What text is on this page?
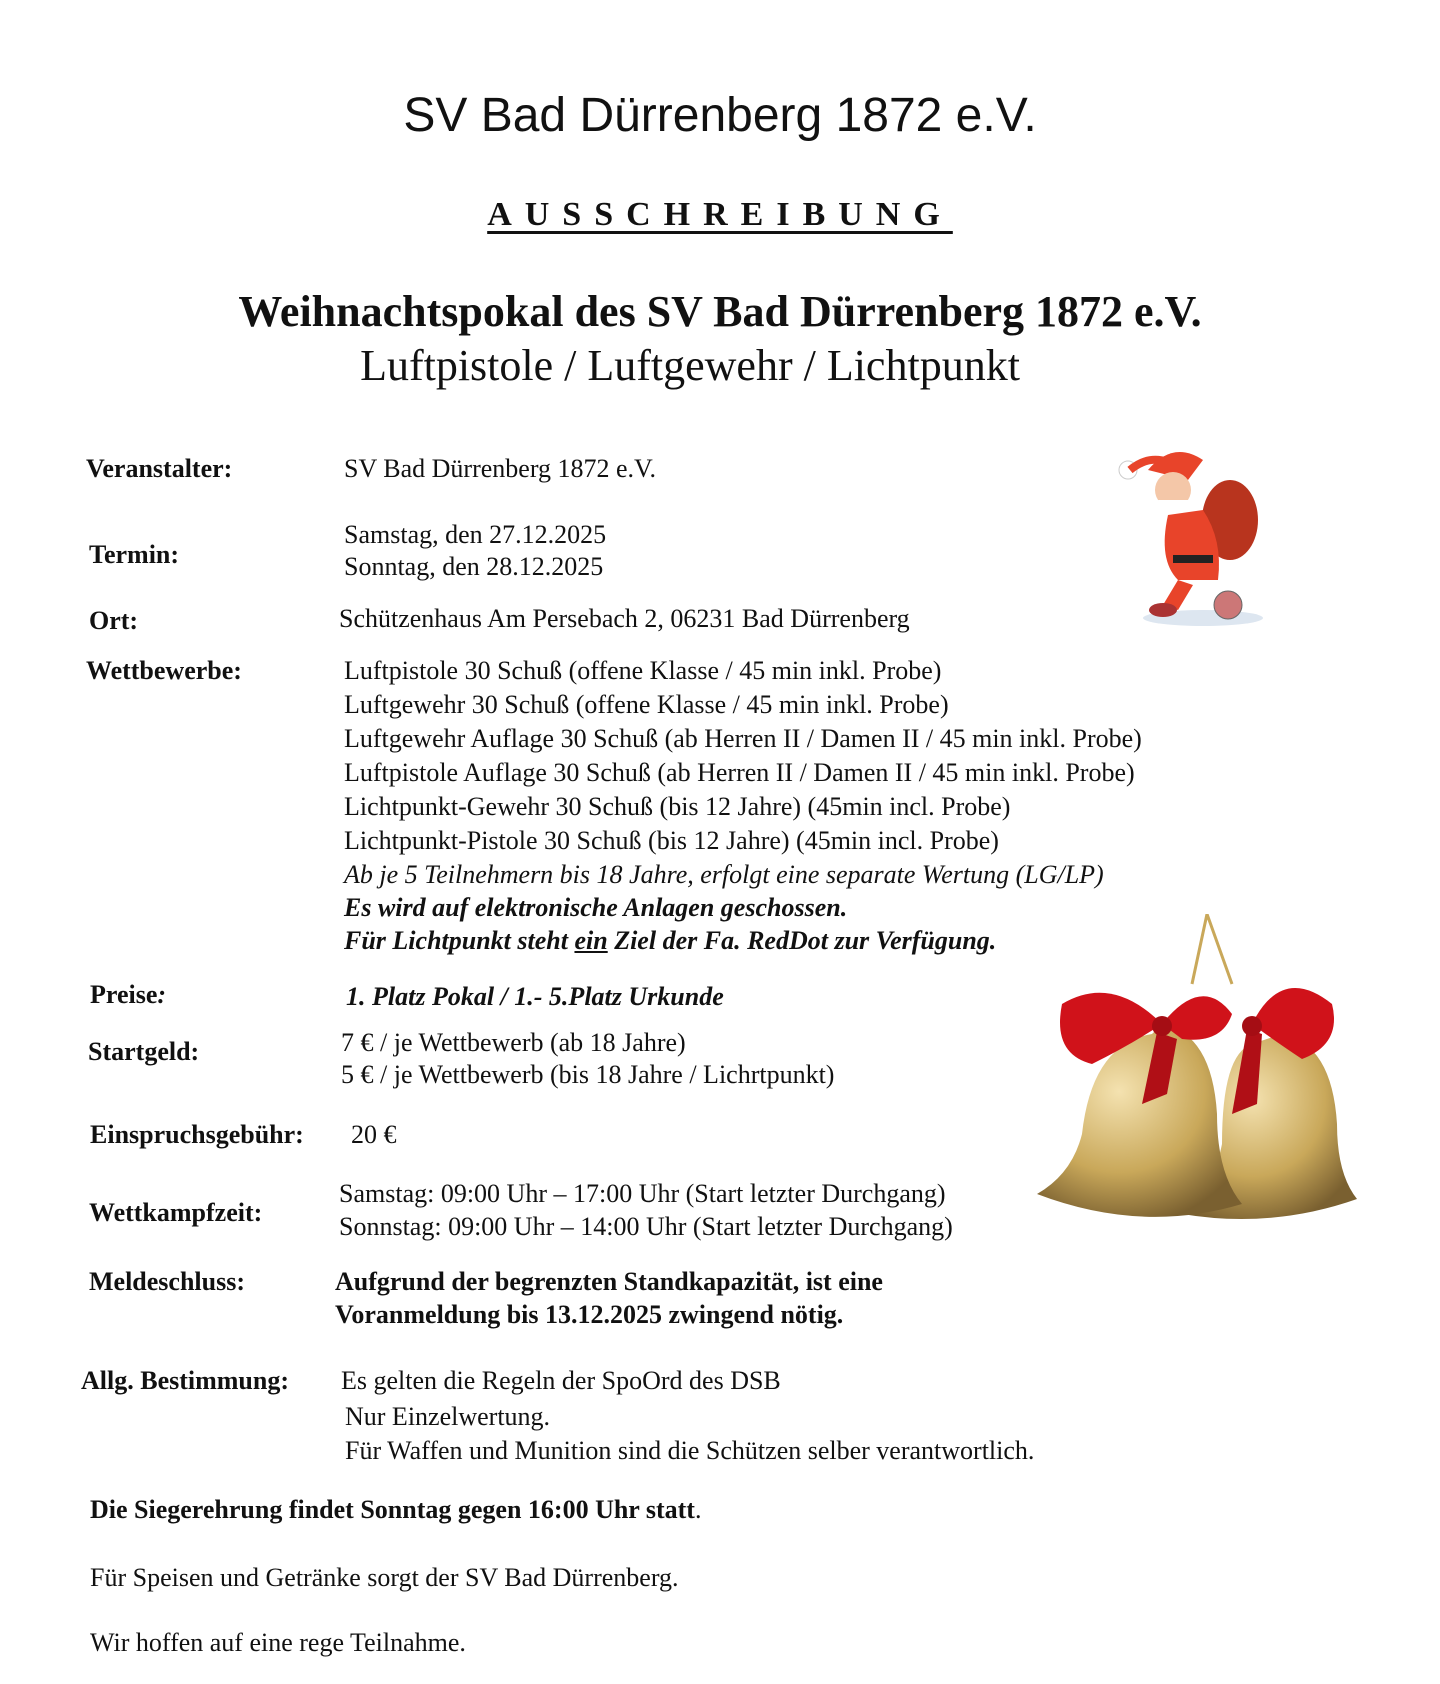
SV Bad Dürrenberg 1872 e.V.
AUSSCHREIBUNG
Weihnachtspokal des SV Bad Dürrenberg 1872 e.V.
Luftpistole / Luftgewehr / Lichtpunkt
Veranstalter:	SV Bad Dürrenberg 1872 e.V.
Termin:
Samstag, den 27.12.2025
Sonntag, den 28.12.2025
Ort:	Schützenhaus Am Persebach 2, 06231 Bad Dürrenberg
Wettbewerbe:	Luftpistole 30 Schuß (offene Klasse / 45 min inkl. Probe)
Luftgewehr 30 Schuß (offene Klasse / 45 min inkl. Probe)
Luftgewehr Auflage 30 Schuß (ab Herren II / Damen II / 45 min inkl. Probe)
Luftpistole Auflage 30 Schuß (ab Herren II / Damen II / 45 min inkl. Probe)
Lichtpunkt-Gewehr 30 Schuß (bis 12 Jahre) (45min incl. Probe)
Lichtpunkt-Pistole 30 Schuß (bis 12 Jahre) (45min incl. Probe)
Ab je 5 Teilnehmern bis 18 Jahre, erfolgt eine separate Wertung (LG/LP)
Es wird auf elektronische Anlagen geschossen.
Für Lichtpunkt steht ein Ziel der Fa. RedDot zur Verfügung.
Preise:	1. Platz Pokal / 1.- 5.Platz Urkunde
Startgeld:	7 € / je Wettbewerb (ab 18 Jahre)
5 € / je Wettbewerb (bis 18 Jahre / Lichrtpunkt)
Einspruchsgebühr: 20 €
Wettkampfzeit:
Samstag: 09:00 Uhr – 17:00 Uhr (Start letzter Durchgang)
Sonnstag: 09:00 Uhr – 14:00 Uhr (Start letzter Durchgang)
Meldeschluss:	Aufgrund der begrenzten Standkapazität, ist eine
Voranmeldung bis 13.12.2025 zwingend nötig.
Allg. Bestimmung: Es gelten die Regeln der SpoOrd des DSB
Nur Einzelwertung.
Für Waffen und Munition sind die Schützen selber verantwortlich.
Die Siegerehrung findet Sonntag gegen 16:00 Uhr statt.
Für Speisen und Getränke sorgt der SV Bad Dürrenberg.
Wir hoffen auf eine rege Teilnahme.
